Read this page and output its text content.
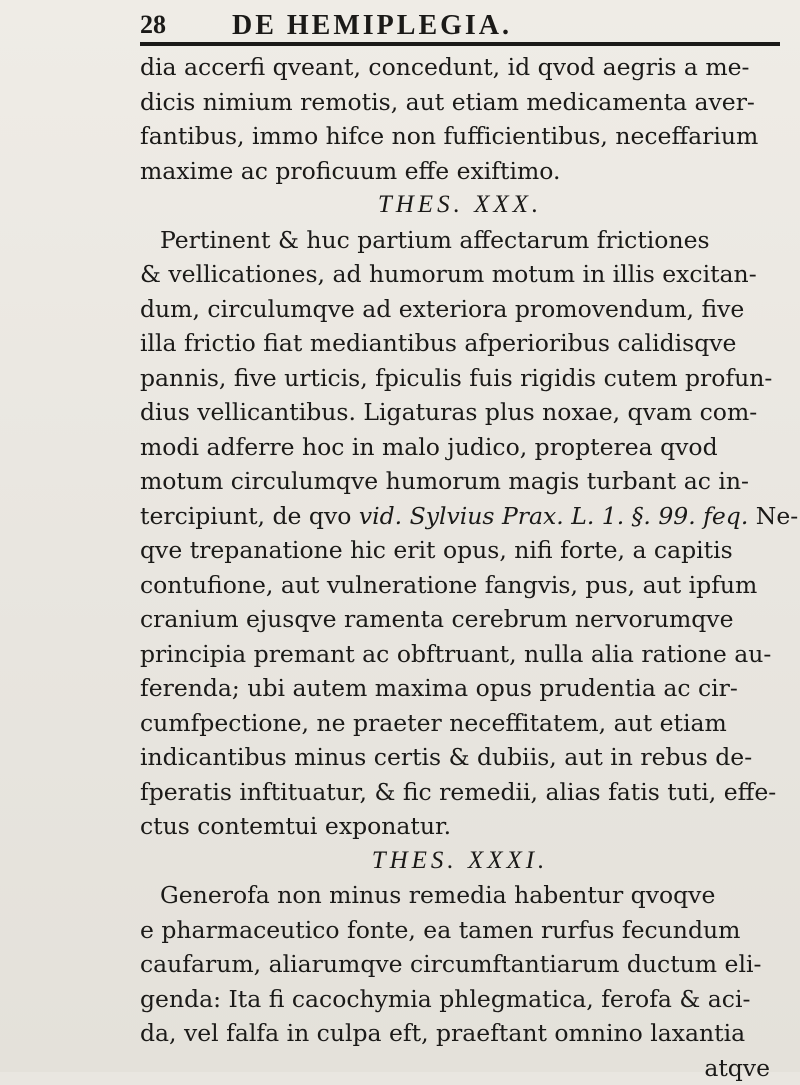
28 DE HEMIPLEGIA.
dia accerfi qveant, concedunt, id qvod aegris a me-
dicis nimium remotis, aut etiam medicamenta aver-
fantibus, immo hifce non fufficientibus, neceffarium
maxime ac proficuum effe exiftimo.
THES. XXX.
Pertinent & huc partium affectarum frictiones
& vellicationes, ad humorum motum in illis excitan-
dum, circulumqve ad exteriora promovendum, five
illa frictio fiat mediantibus afperioribus calidisqve
pannis, five urticis, fpiculis fuis rigidis cutem profun-
dius vellicantibus. Ligaturas plus noxae, qvam com-
modi adferre hoc in malo judico, propterea qvod
motum circulumqve humorum magis turbant ac in-
tercipiunt, de qvo vid. Sylvius Prax. L. 1. §. 99. feq. Ne-
qve trepanatione hic erit opus, nifi forte, a capitis
contufione, aut vulneratione fangvis, pus, aut ipfum
cranium ejusqve ramenta cerebrum nervorumqve
principia premant ac obftruant, nulla alia ratione au-
ferenda; ubi autem maxima opus prudentia ac cir-
cumfpectione, ne praeter neceffitatem, aut etiam
indicantibus minus certis & dubiis, aut in rebus de-
fperatis inftituatur, & fic remedii, alias fatis tuti, effe-
ctus contemtui exponatur.
THES. XXXI.
Generofa non minus remedia habentur qvoqve
e pharmaceutico fonte, ea tamen rurfus fecundum
caufarum, aliarumqve circumftantiarum ductum eli-
genda: Ita fi cacochymia phlegmatica, ferofa & aci-
da, vel falfa in culpa eft, praeftant omnino laxantia
atqve
